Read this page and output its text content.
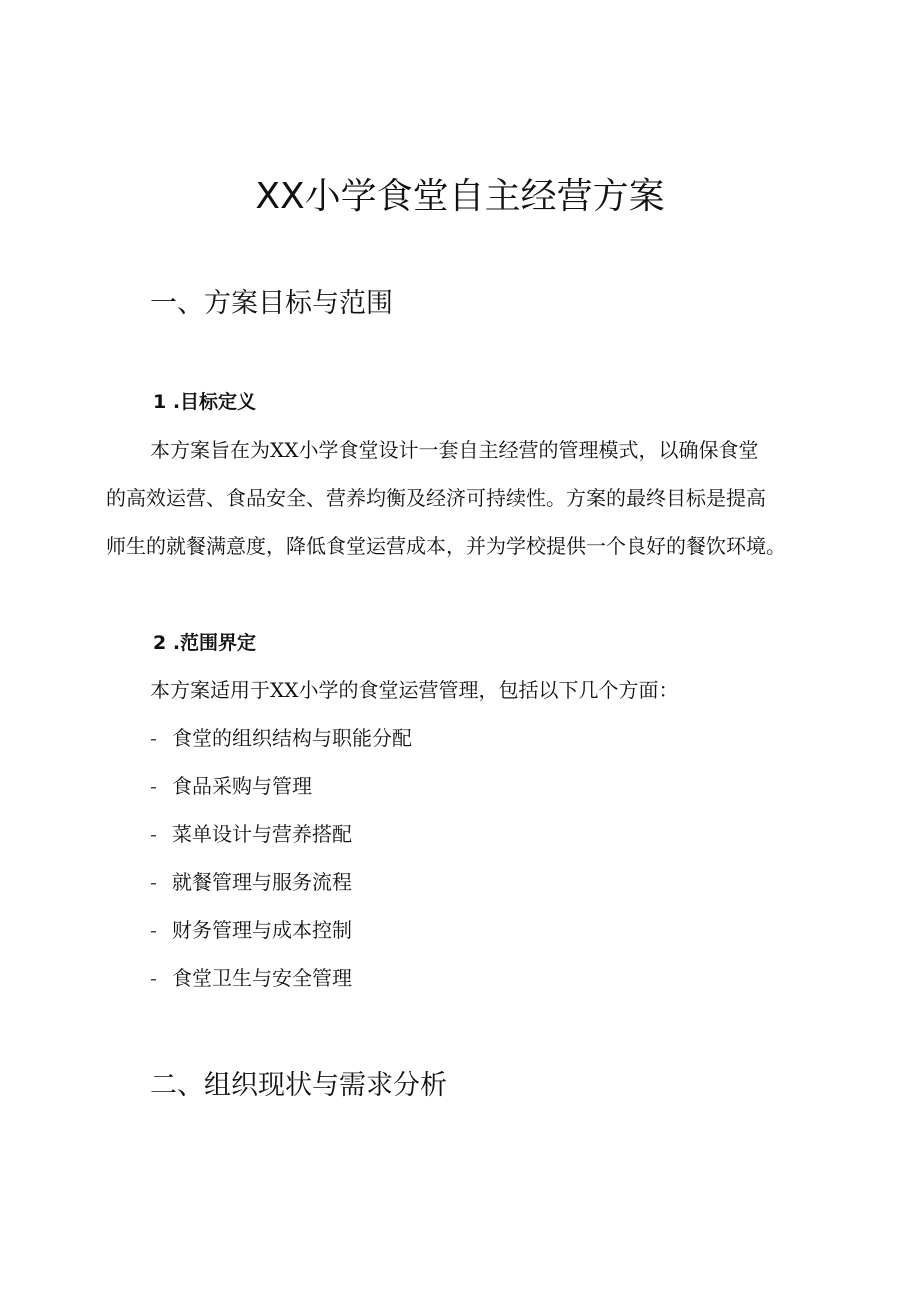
XX小学食堂自主经营方案
一、方案目标与范围
1 .目标定义

本方案旨在为XX小学食堂设计一套自主经营的管理模式，以确保食堂
的高效运营、食品安全、营养均衡及经济可持续性。方案的最终目标是提高
师生的就餐满意度，降低食堂运营成本，并为学校提供一个良好的餐饮环境。

2 .范围界定

本方案适用于XX小学的食堂运营管理，包括以下几个方面：

- 食堂的组织结构与职能分配
- 食品采购与管理
- 菜单设计与营养搭配
- 就餐管理与服务流程
- 财务管理与成本控制
- 食堂卫生与安全管理
二、组织现状与需求分析
